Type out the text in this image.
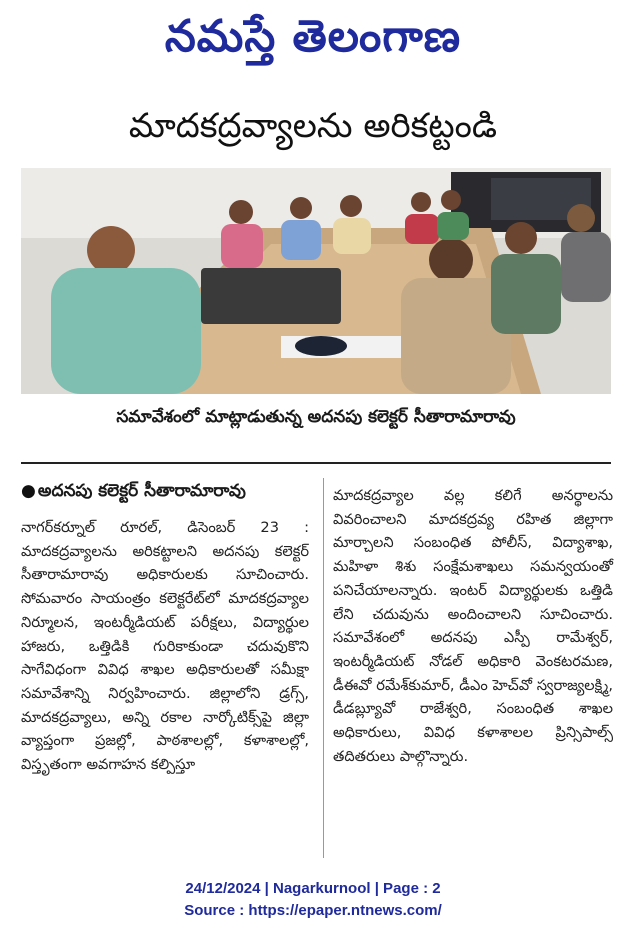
నమస్తే తెలంగాణ
మాదకద్రవ్యాలను అరికట్టండి
సమావేశంలో మాట్లాడుతున్న అదనపు కలెక్టర్ సీతారామారావు
● అదనపు కలెక్టర్ సీతారామారావు
నాగర్‌కర్నూల్ రూరల్, డిసెంబర్ 23 : మాదకద్రవ్యాలను అరికట్టాలని అదనపు కలెక్టర్ సీతారామారావు అధికారులకు సూచించారు. సోమవారం సాయంత్రం కలెక్టరేట్‌లో మాదకద్రవ్యాల నిర్మూలన, ఇంటర్మీడియట్ పరీక్షలు, విద్యార్థుల హాజరు, ఒత్తిడికి గురికాకుండా చదువుకొని సాగేవిధంగా వివిధ శాఖల అధికారులతో సమీక్షా సమావేశాన్ని నిర్వహించారు. జిల్లాలోని డ్రగ్స్, మాదకద్రవ్యాలు, అన్ని రకాల నార్కోటిక్స్‌పై జిల్లా వ్యాప్తంగా ప్రజల్లో, పాఠశాలల్లో, కళాశాలల్లో, విస్తృతంగా అవగాహన కల్పిస్తూ
మాదకద్రవ్యాల వల్ల కలిగే అనర్థాలను వివరించాలని మాదకద్రవ్య రహిత జిల్లాగా మార్చాలని సంబంధిత పోలీస్, విద్యాశాఖ, మహిళా శిశు సంక్షేమశాఖలు సమన్వయంతో పనిచేయాలన్నారు. ఇంటర్ విద్యార్థులకు ఒత్తిడి లేని చదువును అందించాలని సూచించారు. సమావేశంలో అదనపు ఎస్పీ రామేశ్వర్, ఇంటర్మీడియట్ నోడల్ అధికారి వెంకటరమణ, డీఈవో రమేశ్‌కుమార్, డీఎం హెచ్‌వో స్వరాజ్యలక్ష్మి, డీడబ్ల్యూవో రాజేశ్వరి, సంబంధిత శాఖల అధికారులు, వివిధ కళాశాలల ప్రిన్సిపాల్స్ తదితరులు పాల్గొన్నారు.
24/12/2024 | Nagarkurnool | Page : 2
Source : https://epaper.ntnews.com/
